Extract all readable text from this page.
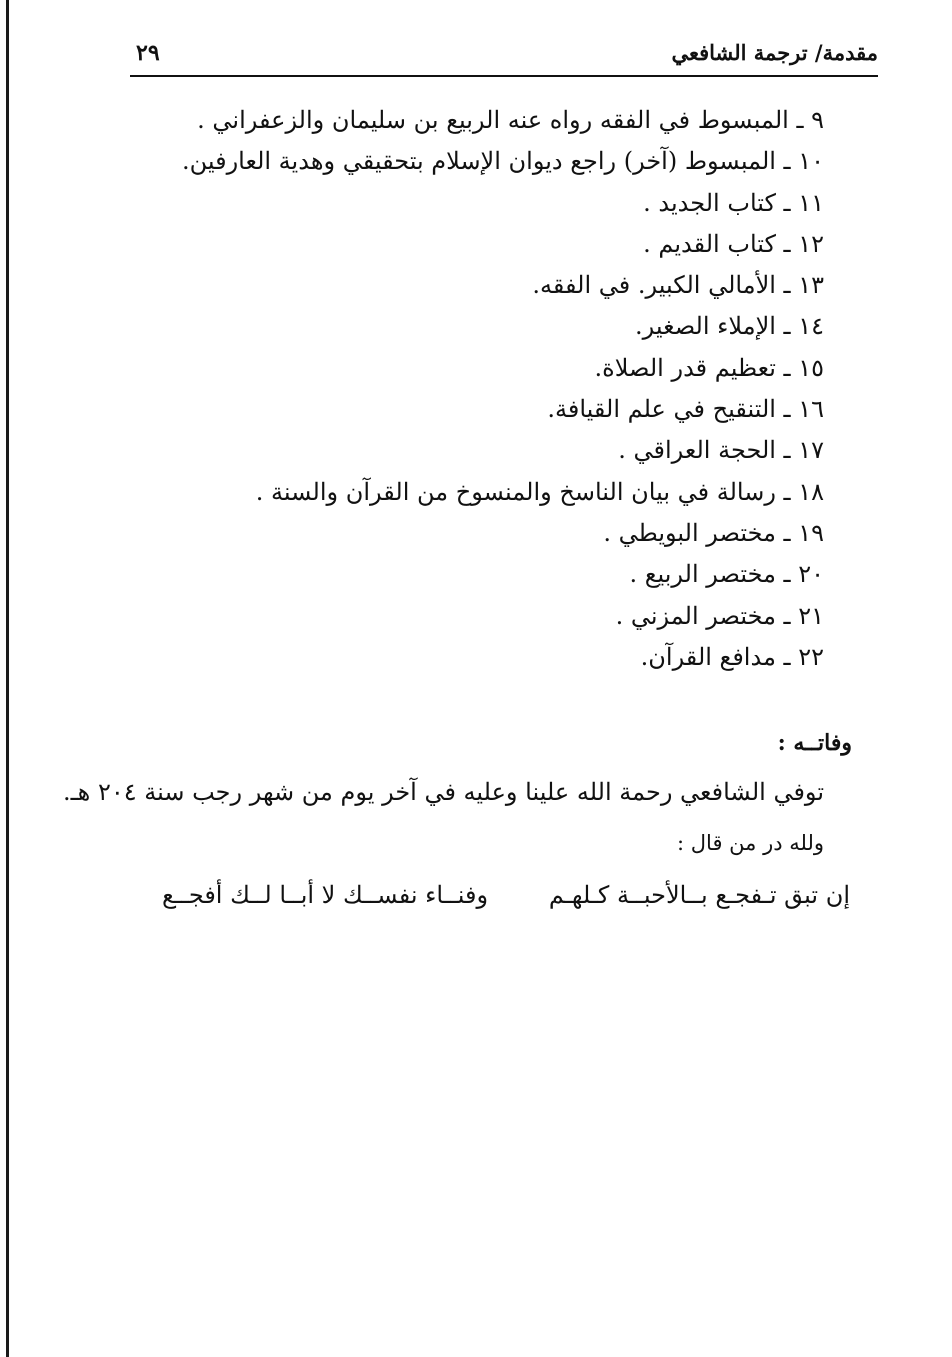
مقدمة/ ترجمة الشافعي
٢٩
٩ ـ المبسوط في الفقه رواه عنه الربيع بن سليمان والزعفراني .
١٠ ـ المبسوط (آخر) راجع ديوان الإسلام بتحقيقي وهدية العارفين.
١١ ـ كتاب الجديد .
١٢ ـ كتاب القديم .
١٣ ـ الأمالي الكبير. في الفقه.
١٤ ـ الإملاء الصغير.
١٥ ـ تعظيم قدر الصلاة.
١٦ ـ التنقيح في علم القيافة.
١٧ ـ الحجة العراقي .
١٨ ـ رسالة في بيان الناسخ والمنسوخ من القرآن والسنة .
١٩ ـ مختصر البويطي .
٢٠ ـ مختصر الربيع .
٢١ ـ مختصر المزني .
٢٢ ـ مدافع القرآن.
وفاتــه :
توفي الشافعي رحمة الله علينا وعليه في آخر يوم من شهر رجب سنة ٢٠٤ هـ.
ولله در من قال :
إن تبق تـفجـع بــالأحبــة كـلهـم
وفنــاء نفســك لا أبــا لــك أفجــع
